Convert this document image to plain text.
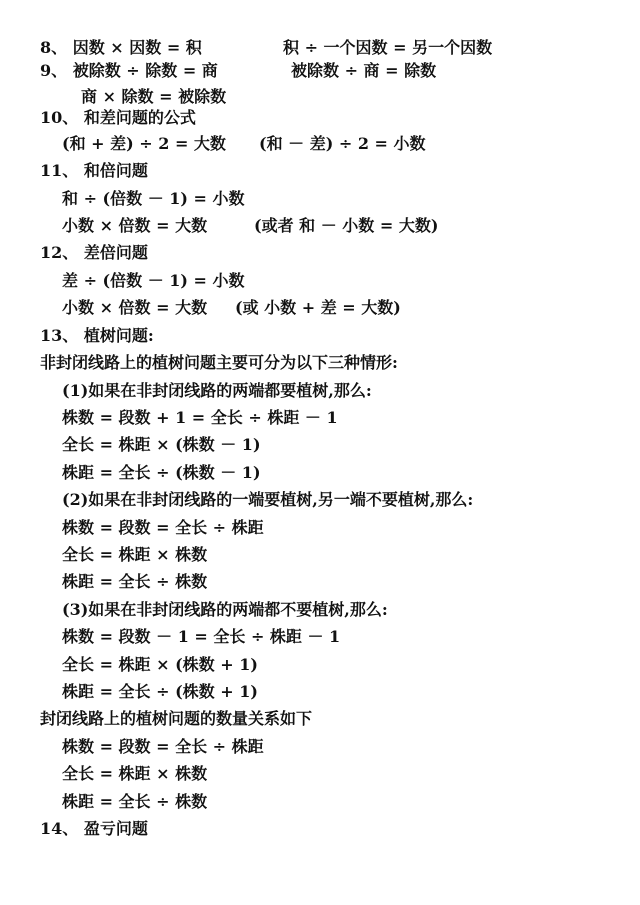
8、 因数 × 因数 = 积	积 ÷ 一个因数 = 另一个因数
9、 被除数 ÷ 除数 = 商	被除数 ÷ 商 = 除数
商 × 除数 = 被除数
10、 和差问题的公式
(和 + 差) ÷ 2 = 大数 (和 － 差) ÷ 2 = 小数
11、 和倍问题
和 ÷ (倍数 － 1) = 小数
小数 × 倍数 = 大数	(或者 和 － 小数 = 大数)
12、 差倍问题
差 ÷ (倍数 － 1) = 小数
小数 × 倍数 = 大数 (或 小数 + 差 = 大数)
13、 植树问题:
非封闭线路上的植树问题主要可分为以下三种情形:
(1)如果在非封闭线路的两端都要植树,那么:
株数 = 段数 + 1 = 全长 ÷ 株距 － 1
全长 = 株距 × (株数 － 1)
株距 = 全长 ÷ (株数 － 1)
(2)如果在非封闭线路的一端要植树,另一端不要植树,那么:
株数 = 段数 = 全长 ÷ 株距
全长 = 株距 × 株数
株距 = 全长 ÷ 株数
(3)如果在非封闭线路的两端都不要植树,那么:
株数 = 段数 － 1 = 全长 ÷ 株距 － 1
全长 = 株距 × (株数 + 1)
株距 = 全长 ÷ (株数 + 1)
封闭线路上的植树问题的数量关系如下
株数 = 段数 = 全长 ÷ 株距
全长 = 株距 × 株数
株距 = 全长 ÷ 株数
14、 盈亏问题
